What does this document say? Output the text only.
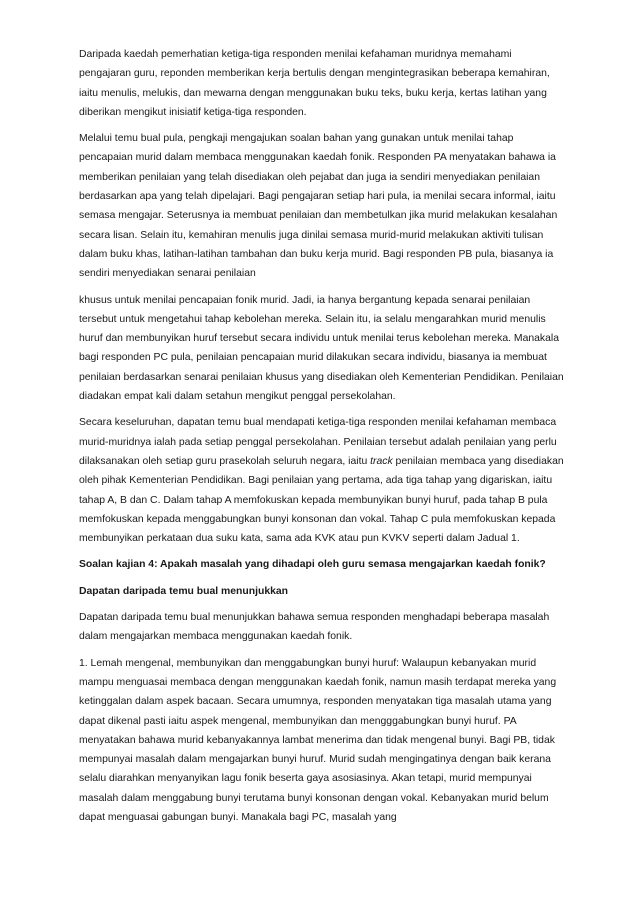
Daripada kaedah pemerhatian ketiga-tiga responden menilai kefahaman muridnya memahami pengajaran guru, reponden memberikan kerja bertulis dengan mengintegrasikan beberapa kemahiran, iaitu menulis, melukis, dan mewarna dengan menggunakan buku teks, buku kerja, kertas latihan yang diberikan mengikut inisiatif ketiga-tiga responden.

Melalui temu bual pula, pengkaji mengajukan soalan bahan yang gunakan untuk menilai tahap pencapaian murid dalam membaca menggunakan kaedah fonik. Responden PA menyatakan bahawa ia memberikan penilaian yang telah disediakan oleh pejabat dan juga ia sendiri menyediakan penilaian berdasarkan apa yang telah dipelajari. Bagi pengajaran setiap hari pula, ia menilai secara informal, iaitu semasa mengajar. Seterusnya ia membuat penilaian dan membetulkan jika murid melakukan kesalahan secara lisan. Selain itu, kemahiran menulis juga dinilai semasa murid-murid melakukan aktiviti tulisan dalam buku khas, latihan-latihan tambahan dan buku kerja murid. Bagi responden PB pula, biasanya ia sendiri menyediakan senarai penilaian

khusus untuk menilai pencapaian fonik murid. Jadi, ia hanya bergantung kepada senarai penilaian tersebut untuk mengetahui tahap kebolehan mereka. Selain itu, ia selalu mengarahkan murid menulis huruf dan membunyikan huruf tersebut secara individu untuk menilai terus kebolehan mereka. Manakala bagi responden PC pula, penilaian pencapaian murid dilakukan secara individu, biasanya ia membuat penilaian berdasarkan senarai penilaian khusus yang disediakan oleh Kementerian Pendidikan. Penilaian diadakan empat kali dalam setahun mengikut penggal persekolahan.

Secara keseluruhan, dapatan temu bual mendapati ketiga-tiga responden menilai kefahaman membaca murid-muridnya ialah pada setiap penggal persekolahan. Penilaian tersebut adalah penilaian yang perlu dilaksanakan oleh setiap guru prasekolah seluruh negara, iaitu track penilaian membaca yang disediakan oleh pihak Kementerian Pendidikan. Bagi penilaian yang pertama, ada tiga tahap yang digariskan, iaitu tahap A, B dan C. Dalam tahap A memfokuskan kepada membunyikan bunyi huruf, pada tahap B pula memfokuskan kepada menggabungkan bunyi konsonan dan vokal. Tahap C pula memfokuskan kepada membunyikan perkataan dua suku kata, sama ada KVK atau pun KVKV seperti dalam Jadual 1.

Soalan kajian 4: Apakah masalah yang dihadapi oleh guru semasa mengajarkan kaedah fonik?

Dapatan daripada temu bual menunjukkan

Dapatan daripada temu bual menunjukkan bahawa semua responden menghadapi beberapa masalah dalam mengajarkan membaca menggunakan kaedah fonik.

1. Lemah mengenal, membunyikan dan menggabungkan bunyi huruf: Walaupun kebanyakan murid mampu menguasai membaca dengan menggunakan kaedah fonik, namun masih terdapat mereka yang ketinggalan dalam aspek bacaan. Secara umumnya, responden menyatakan tiga masalah utama yang dapat dikenal pasti iaitu aspek mengenal, membunyikan dan mengggabungkan bunyi huruf. PA menyatakan bahawa murid kebanyakannya lambat menerima dan tidak mengenal bunyi. Bagi PB, tidak mempunyai masalah dalam mengajarkan bunyi huruf. Murid sudah mengingatinya dengan baik kerana selalu diarahkan menyanyikan lagu fonik beserta gaya asosiasinya. Akan tetapi, murid mempunyai masalah dalam menggabung bunyi terutama bunyi konsonan dengan vokal. Kebanyakan murid belum dapat menguasai gabungan bunyi. Manakala bagi PC, masalah yang
